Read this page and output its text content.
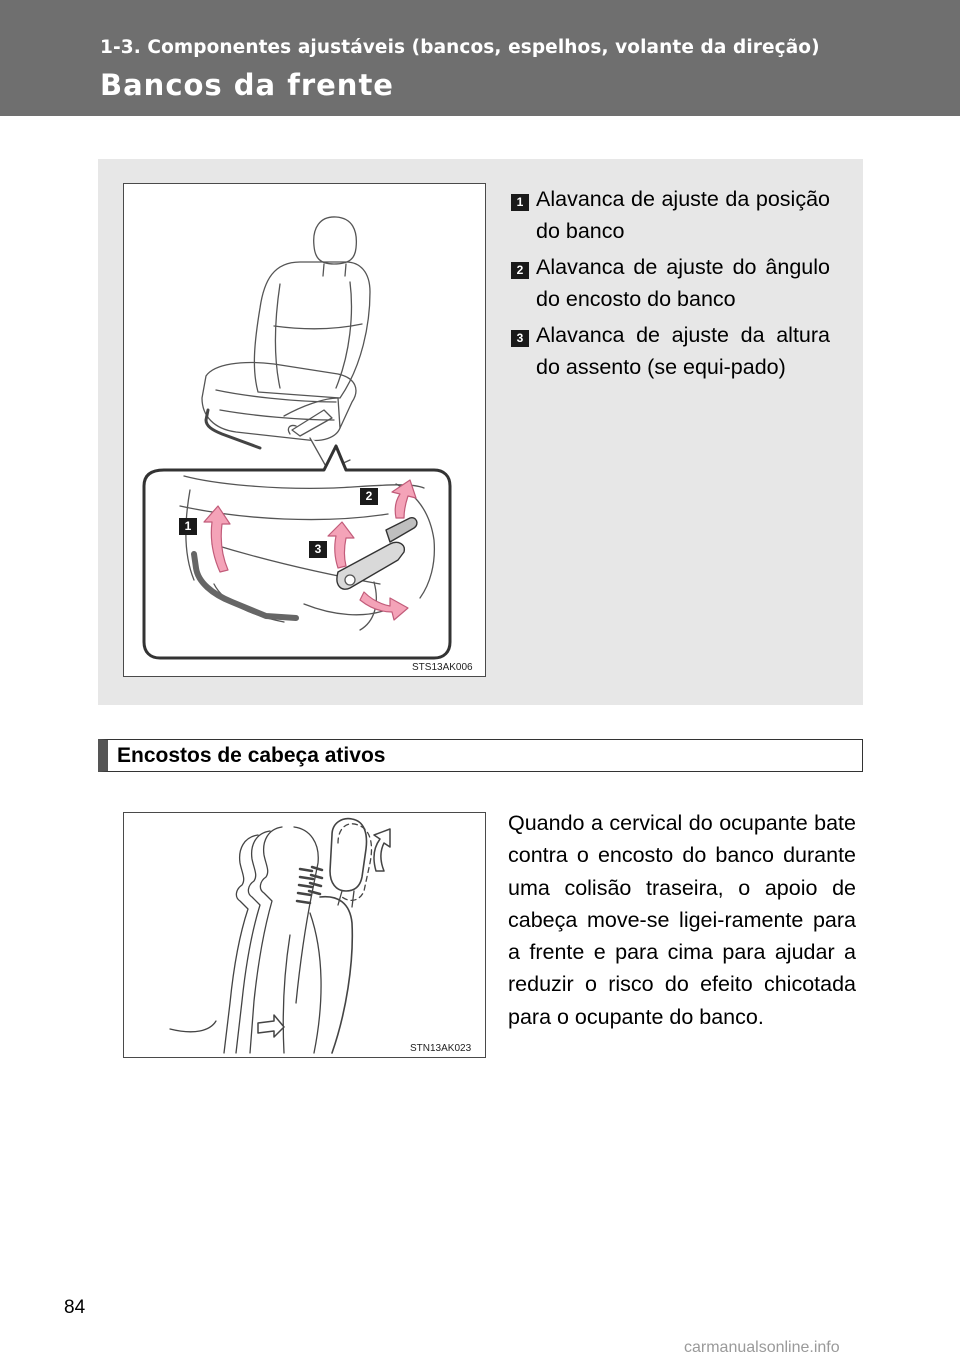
1-3. Componentes ajustáveis (bancos, espelhos, volante da direção)
Bancos da frente
1
2
3
STS13AK006
1 Alavanca de ajuste da posição do banco
2 Alavanca de ajuste do ângulo do encosto do banco
3 Alavanca de ajuste da altura do assento (se equi-pado)
Encostos de cabeça ativos
STN13AK023
Quando a cervical do ocupante bate contra o encosto do banco durante uma colisão traseira, o apoio de cabeça move-se ligei-ramente para a frente e para cima para ajudar a reduzir o risco do efeito chicotada para o ocupante do banco.
84
carmanualsonline.info
